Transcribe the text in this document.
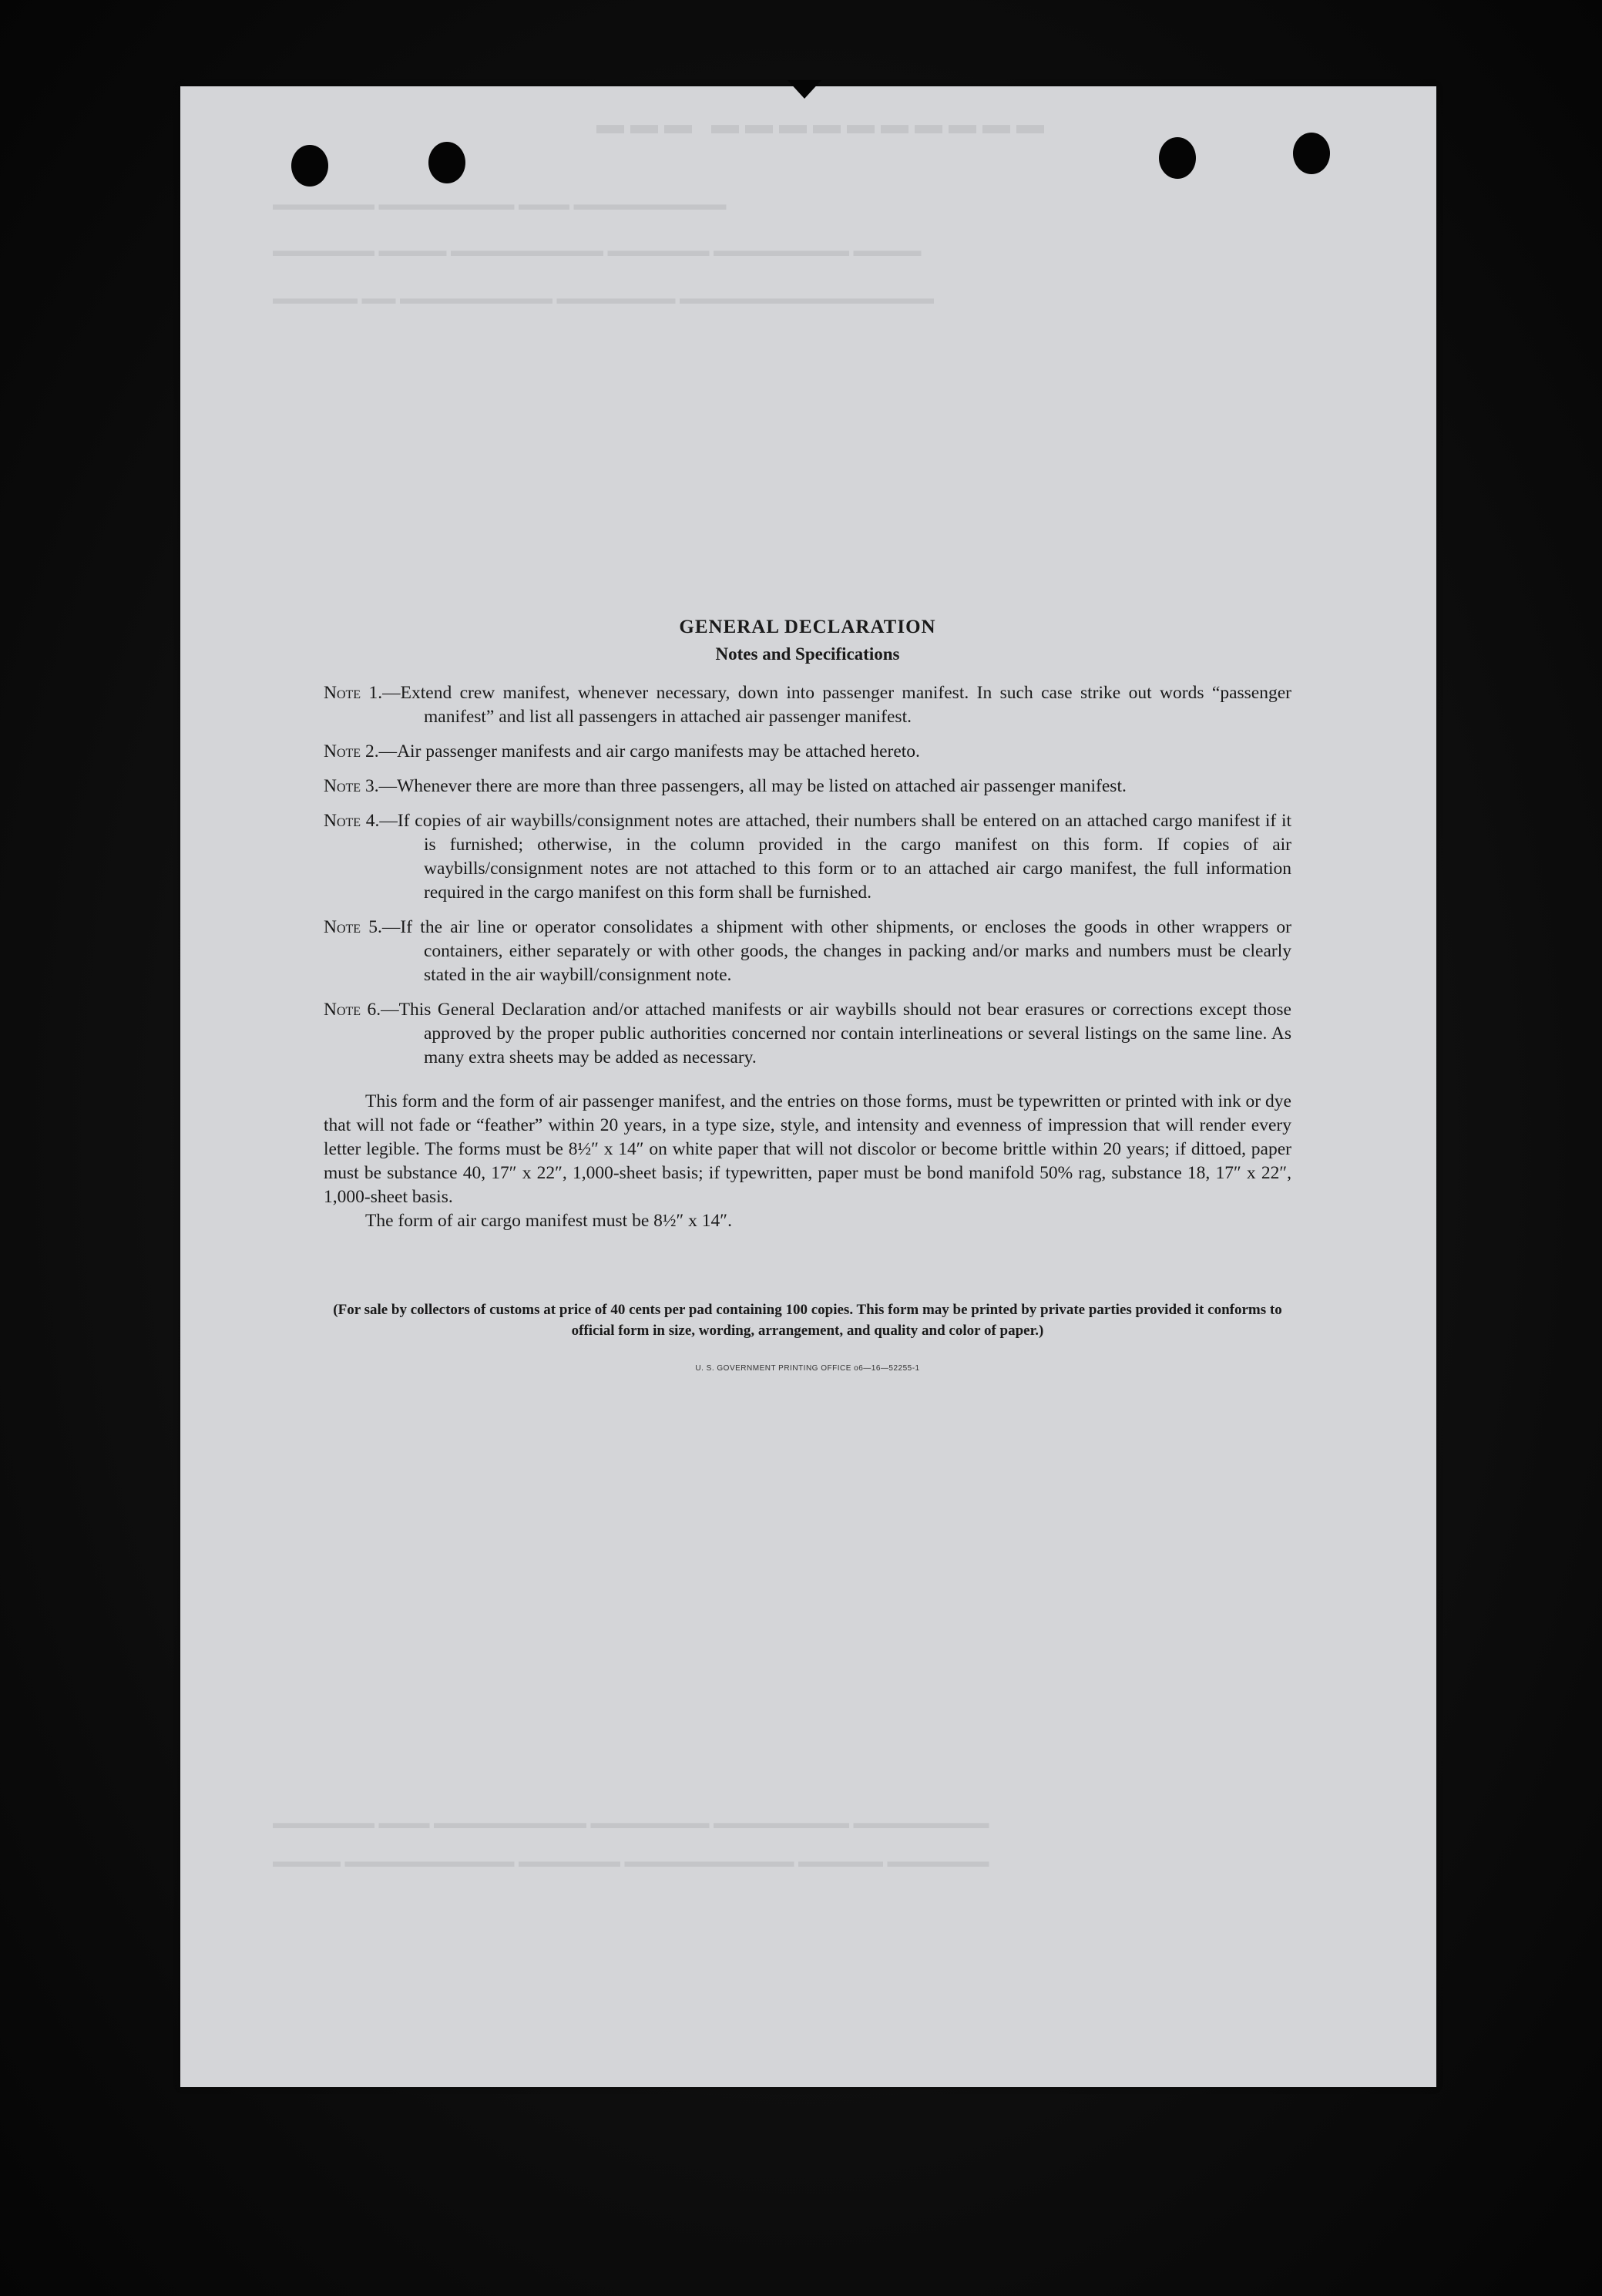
▬▬▬ ▬▬▬▬▬▬▬▬▬▬
▬▬▬▬▬▬ ▬▬▬▬▬▬▬▬ ▬▬▬ ▬▬▬▬▬▬▬▬▬
▬▬▬▬▬▬ ▬▬▬▬ ▬▬▬▬▬▬▬▬▬ ▬▬▬▬▬▬ ▬▬▬▬▬▬▬▬ ▬▬▬▬
▬▬▬▬▬ ▬▬ ▬▬▬▬▬▬▬▬▬ ▬▬▬▬▬▬▬ ▬▬▬▬▬▬▬▬▬▬▬▬▬▬▬
▬▬▬▬▬▬ ▬▬▬ ▬▬▬▬▬▬▬▬▬ ▬▬▬▬▬▬▬ ▬▬▬▬▬▬▬▬ ▬▬▬▬▬▬▬▬
▬▬▬▬ ▬▬▬▬▬▬▬▬▬▬ ▬▬▬▬▬▬ ▬▬▬▬▬▬▬▬▬▬ ▬▬▬▬▬ ▬▬▬▬▬▬
GENERAL DECLARATION
Notes and Specifications
Note 1.—Extend crew manifest, whenever necessary, down into passenger manifest. In such case strike out words “passenger manifest” and list all passengers in attached air passenger manifest.
Note 2.—Air passenger manifests and air cargo manifests may be attached hereto.
Note 3.—Whenever there are more than three passengers, all may be listed on attached air passenger manifest.
Note 4.—If copies of air waybills/consignment notes are attached, their numbers shall be entered on an attached cargo manifest if it is furnished; otherwise, in the column provided in the cargo manifest on this form. If copies of air waybills/consignment notes are not attached to this form or to an attached air cargo manifest, the full information required in the cargo manifest on this form shall be furnished.
Note 5.—If the air line or operator consolidates a shipment with other shipments, or encloses the goods in other wrappers or containers, either separately or with other goods, the changes in packing and/or marks and numbers must be clearly stated in the air waybill/consignment note.
Note 6.—This General Declaration and/or attached manifests or air waybills should not bear erasures or corrections except those approved by the proper public authorities concerned nor contain interlineations or several listings on the same line. As many extra sheets may be added as necessary.

This form and the form of air passenger manifest, and the entries on those forms, must be typewritten or printed with ink or dye that will not fade or “feather” within 20 years, in a type size, style, and intensity and evenness of impression that will render every letter legible. The forms must be 8½″ x 14″ on white paper that will not discolor or become brittle within 20 years; if dittoed, paper must be substance 40, 17″ x 22″, 1,000-sheet basis; if typewritten, paper must be bond manifold 50% rag, substance 18, 17″ x 22″, 1,000-sheet basis.

The form of air cargo manifest must be 8½″ x 14″.

(For sale by collectors of customs at price of 40 cents per pad containing 100 copies. This form may be printed by private parties provided it conforms to official form in size, wording, arrangement, and quality and color of paper.)

U. S. GOVERNMENT PRINTING OFFICE o6—16—52255-1
